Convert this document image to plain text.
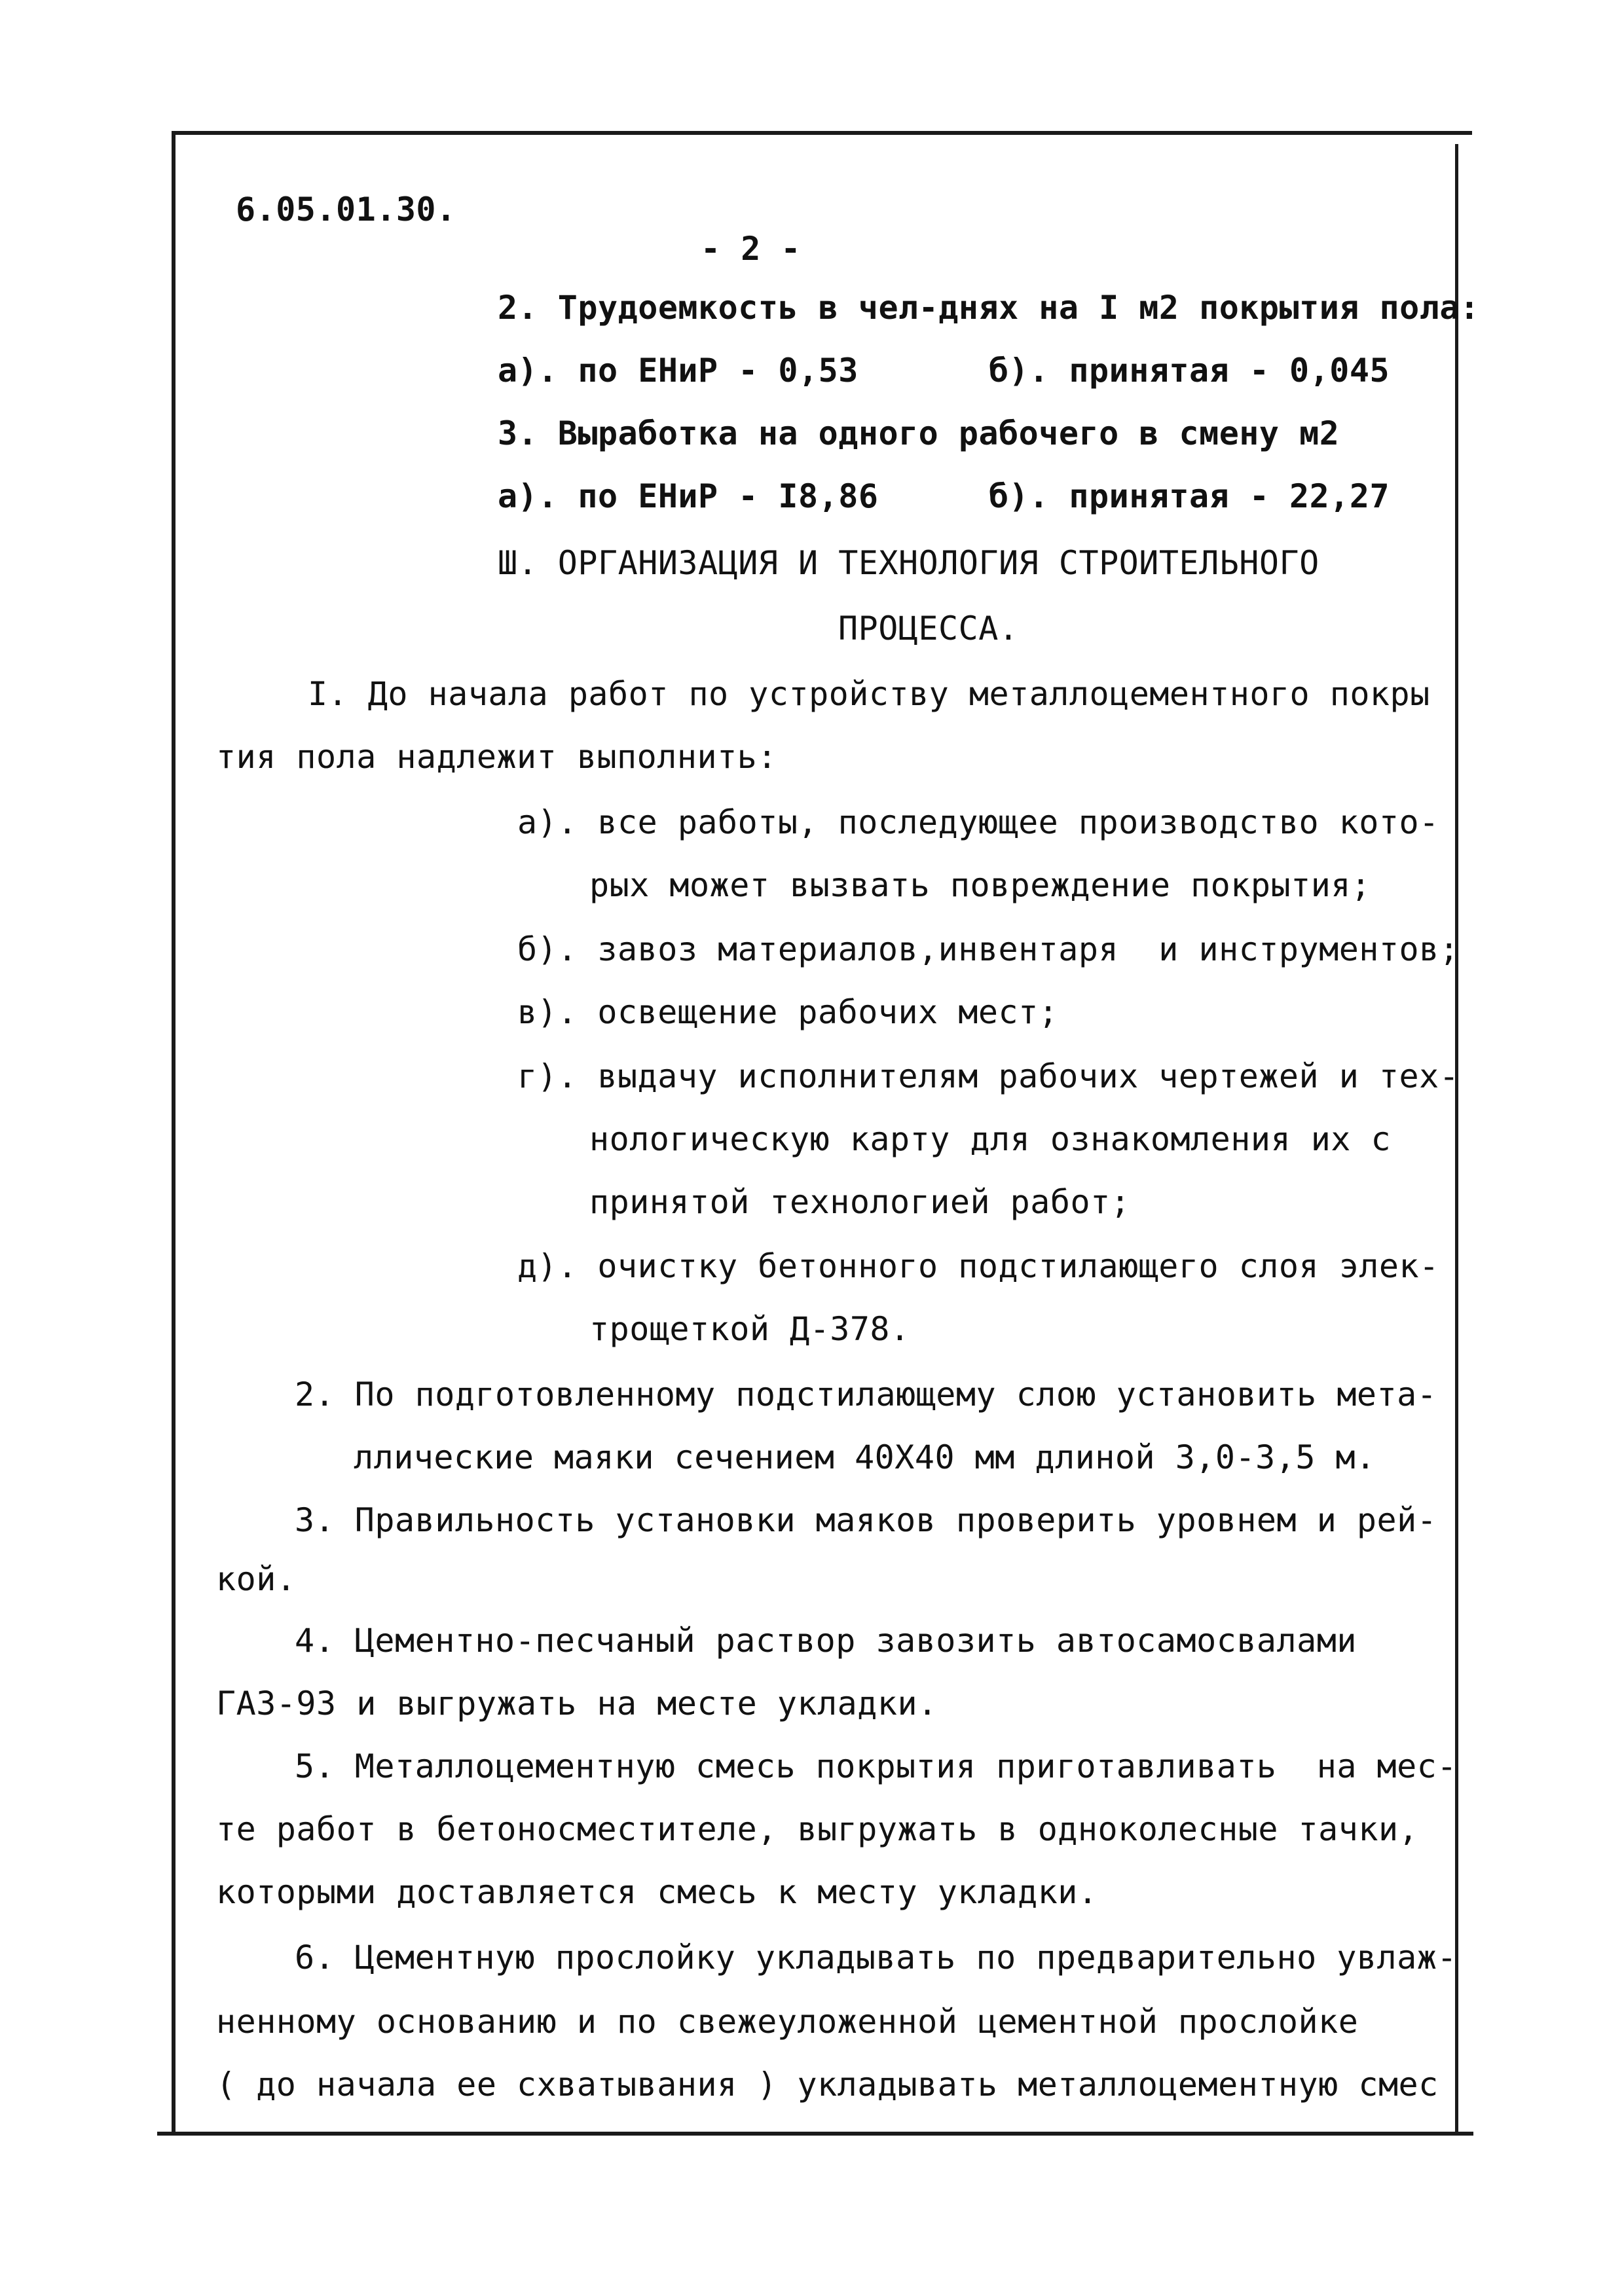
6.05.01.30.
- 2 -
2. Трудоемкость в чел-днях на I м2 покрытия пола:
а). по ЕНиР - 0,53	б). принятая - 0,045
3. Выработка на одного рабочего в смену м2
а). по ЕНиР - I8,86	б). принятая - 22,27
Ш. ОРГАНИЗАЦИЯ И ТЕХНОЛОГИЯ СТРОИТЕЛЬНОГО
ПРОЦЕССА.
I. До начала работ по устройству металлоцементного покры
тия пола надлежит выполнить:
а). все работы, последующее производство кото-
рых может вызвать повреждение покрытия;
б). завоз материалов,инвентаря  и инструментов;
в). освещение рабочих мест;
г). выдачу исполнителям рабочих чертежей и тех-
нологическую карту для ознакомления их с
принятой технологией работ;
д). очистку бетонного подстилающего слоя элек-
трощеткой Д-378.
2. По подготовленному подстилающему слою установить мета-
ллические маяки сечением 40Х40 мм длиной 3,0-3,5 м.
3. Правильность установки маяков проверить уровнем и рей-
кой.
4. Цементно-песчаный раствор завозить автосамосвалами
ГАЗ-93 и выгружать на месте укладки.
5. Металлоцементную смесь покрытия приготавливать  на мес-
те работ в бетоносместителе, выгружать в одноколесные тачки,
которыми доставляется смесь к месту укладки.
6. Цементную прослойку укладывать по предварительно увлаж-
ненному основанию и по свежеуложенной цементной прослойке
( до начала ее схватывания ) укладывать металлоцементную смес
